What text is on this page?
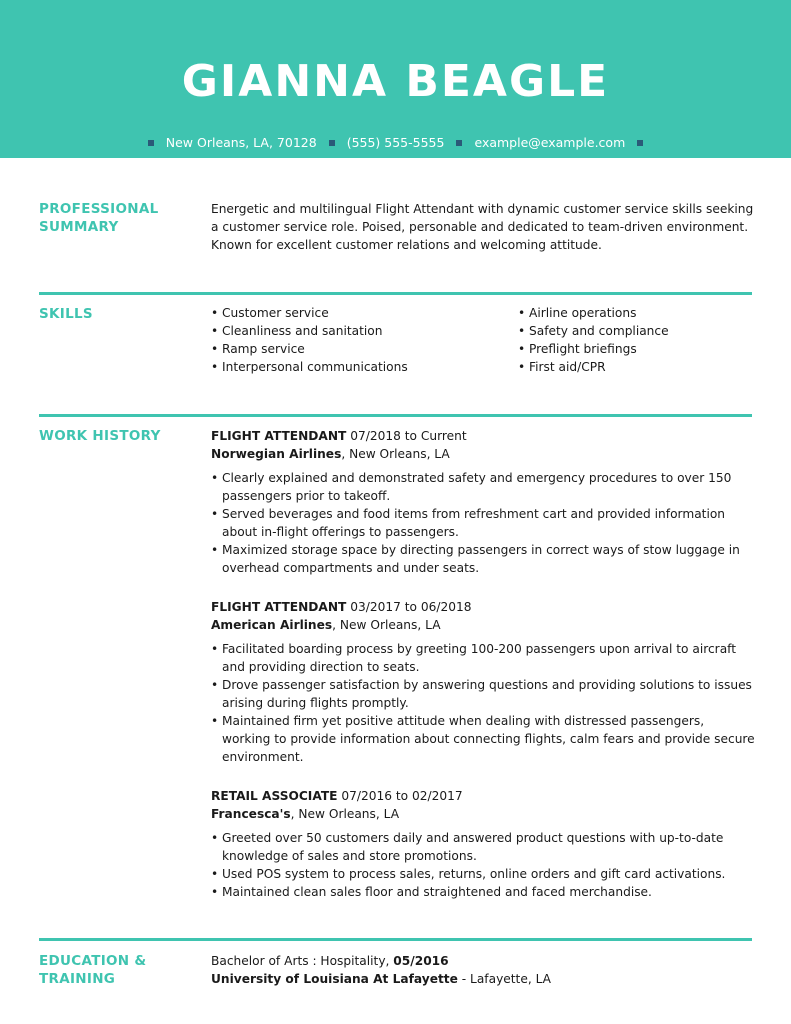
GIANNA BEAGLE
New Orleans, LA, 70128 (555) 555-5555 example@example.com
PROFESSIONAL
SUMMARY
Energetic and multilingual Flight Attendant with dynamic customer service skills seeking a customer service role. Poised, personable and dedicated to team-driven environment. Known for excellent customer relations and welcoming attitude.
SKILLS
•	Customer service
• Cleanliness and sanitation
• Ramp service
• Interpersonal communications
• Airline operations
• Safety and compliance
• Preflight briefings
• First aid/CPR
WORK HISTORY	FLIGHT ATTENDANT 07/2018 to Current
Norwegian Airlines, New Orleans, LA
• Clearly explained and demonstrated safety and emergency procedures to over 150 passengers prior to takeoff.
• Served beverages and food items from refreshment cart and provided information about in-flight offerings to passengers.
• Maximized storage space by directing passengers in correct ways of stow luggage in overhead compartments and under seats.
FLIGHT ATTENDANT 03/2017 to 06/2018
American Airlines, New Orleans, LA
• Facilitated boarding process by greeting 100-200 passengers upon arrival to aircraft and providing direction to seats.
• Drove passenger satisfaction by answering questions and providing solutions to issues arising during flights promptly.
• Maintained firm yet positive attitude when dealing with distressed passengers, working to provide information about connecting flights, calm fears and provide secure environment.
RETAIL ASSOCIATE 07/2016 to 02/2017
Francesca's, New Orleans, LA
• Greeted over 50 customers daily and answered product questions with up-to-date knowledge of sales and store promotions.
• Used POS system to process sales, returns, online orders and gift card activations.
• Maintained clean sales floor and straightened and faced merchandise.
EDUCATION &
TRAINING
Bachelor of Arts : Hospitality, 05/2016
University of Louisiana At Lafayette - Lafayette, LA
